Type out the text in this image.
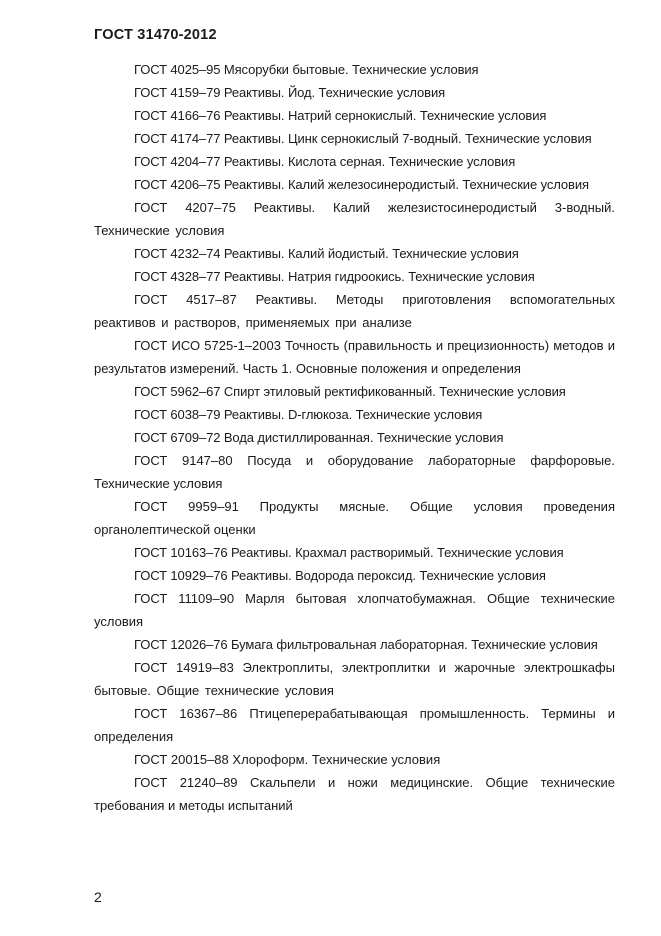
ГОСТ 31470-2012
ГОСТ 4025–95 Мясорубки бытовые. Технические условия
ГОСТ 4159–79 Реактивы. Йод. Технические условия
ГОСТ 4166–76 Реактивы. Натрий сернокислый. Технические условия
ГОСТ 4174–77 Реактивы. Цинк сернокислый 7-водный. Технические условия
ГОСТ 4204–77 Реактивы. Кислота серная. Технические условия
ГОСТ 4206–75 Реактивы. Калий железосинеродистый. Технические условия
ГОСТ 4207–75 Реактивы. Калий железистосинеродистый 3-водный. Технические условия
ГОСТ 4232–74 Реактивы. Калий йодистый. Технические условия
ГОСТ 4328–77 Реактивы. Натрия гидроокись. Технические условия
ГОСТ 4517–87 Реактивы. Методы приготовления вспомогательных реактивов и растворов, применяемых при анализе
ГОСТ ИСО 5725-1–2003 Точность (правильность и прецизионность) методов и результатов измерений. Часть 1. Основные положения и определения
ГОСТ 5962–67 Спирт этиловый ректификованный. Технические условия
ГОСТ 6038–79 Реактивы. D-глюкоза. Технические условия
ГОСТ 6709–72 Вода дистиллированная. Технические условия
ГОСТ 9147–80 Посуда и оборудование лабораторные фарфоровые. Технические условия
ГОСТ 9959–91 Продукты мясные. Общие условия проведения органолептической оценки
ГОСТ 10163–76 Реактивы. Крахмал растворимый. Технические условия
ГОСТ 10929–76 Реактивы. Водорода пероксид. Технические условия
ГОСТ 11109–90 Марля бытовая хлопчатобумажная. Общие технические условия
ГОСТ 12026–76 Бумага фильтровальная лабораторная. Технические условия
ГОСТ 14919–83 Электроплиты, электроплитки и жарочные электрошкафы бытовые. Общие технические условия
ГОСТ 16367–86 Птицеперерабатывающая промышленность. Термины и определения
ГОСТ 20015–88 Хлороформ. Технические условия
ГОСТ 21240–89 Скальпели и ножи медицинские. Общие технические требования и методы испытаний

2
